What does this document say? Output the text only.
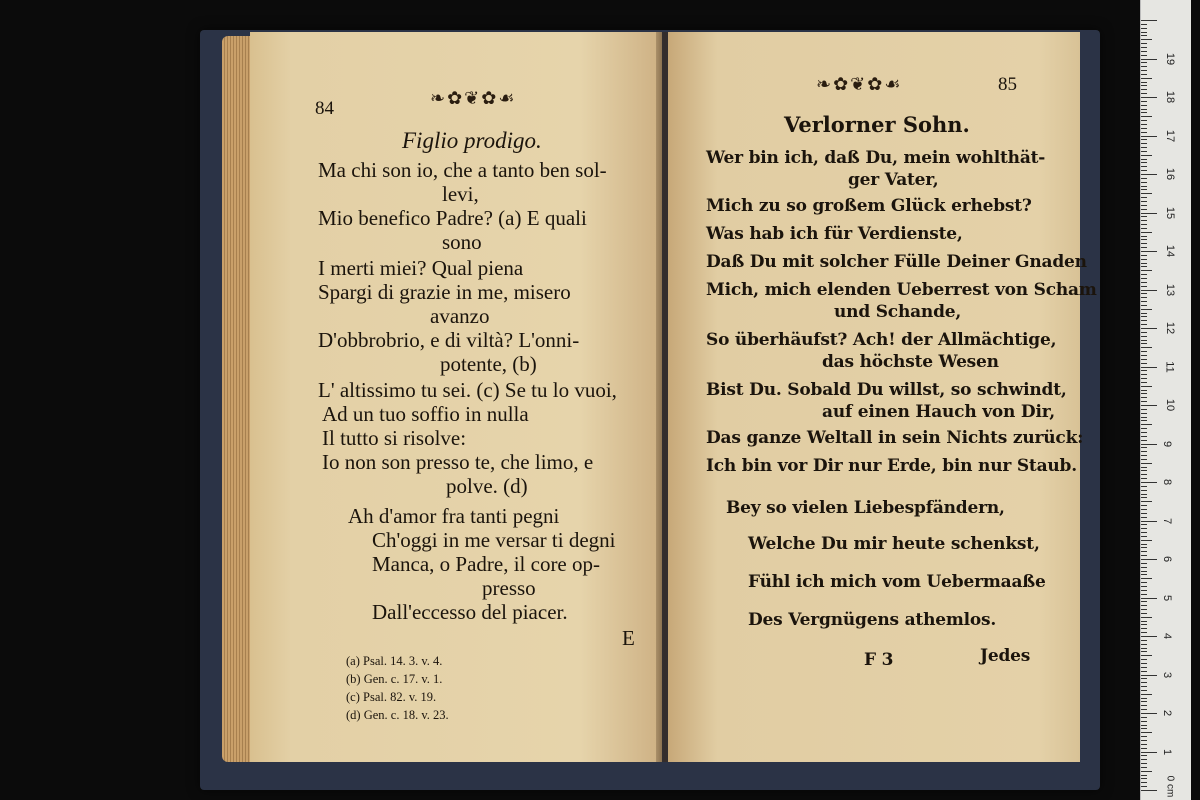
84	❧✿❦✿☙
Figlio prodigo.
Ma chi son io, che a tanto ben sol-
levi,
Mio benefico Padre? (a) E quali
sono
I merti miei? Qual piena
Spargi di grazie in me, misero
avanzo
D'obbrobrio, e di viltà? L'onni-
potente, (b)
L' altissimo tu sei. (c) Se tu lo vuoi,
Ad un tuo soffio in nulla
Il tutto si risolve:
Io non son presso te, che limo, e
polve. (d)
Ah d'amor fra tanti pegni
Ch'oggi in me versar ti degni
Manca, o Padre, il core op-
presso
Dall'eccesso del piacer.
E
(a) Psal. 14. 3. v. 4.
(b) Gen. c. 17. v. 1.
(c) Psal. 82. v. 19.
(d) Gen. c. 18. v. 23.
❧✿❦✿☙	85
Verlorner Sohn.
Wer bin ich, daß Du, mein wohlthät-
ger Vater,
Mich zu so großem Glück erhebst?
Was hab ich für Verdienste,
Daß Du mit solcher Fülle Deiner Gnaden
Mich, mich elenden Ueberrest von Scham
und Schande,
So überhäufst? Ach! der Allmächtige,
das höchste Wesen
Bist Du. Sobald Du willst, so schwindt,
auf einen Hauch von Dir,
Das ganze Weltall in sein Nichts zurück:
Ich bin vor Dir nur Erde, bin nur Staub.
Bey so vielen Liebespfändern,
Welche Du mir heute schenkst,
Fühl ich mich vom Uebermaaße
Des Vergnügens athemlos.
F 3	Jedes
0 cm
1
2
3
4
5
6
7
8
9
10
11
12
13
14
15
16
17
18
19
